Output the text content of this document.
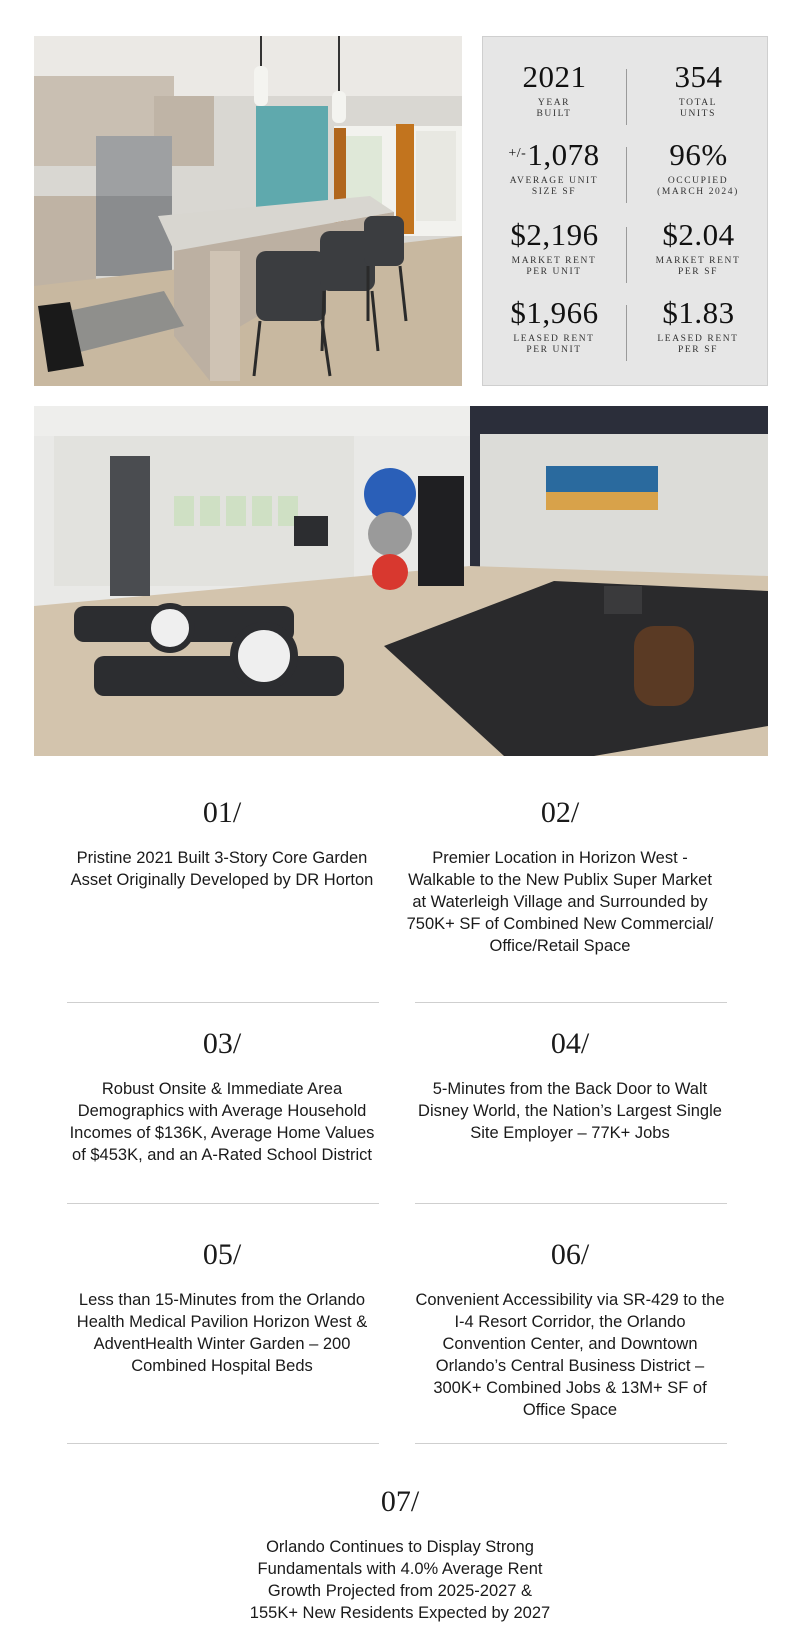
2021
YEAR
BUILT
354
TOTAL
UNITS
+/-1,078
AVERAGE UNIT
SIZE SF
96%
OCCUPIED
(MARCH 2024)
$2,196
MARKET RENT
PER UNIT
$2.04
MARKET RENT
PER SF
$1,966
LEASED RENT
PER UNIT
$1.83
LEASED RENT
PER SF
01/
Pristine 2021 Built 3-Story Core Garden Asset Originally Developed by DR Horton
02/
Premier Location in Horizon West - Walkable to the New Publix Super Market at Waterleigh Village and Surrounded by 750K+ SF of Combined New Commercial/ Office/Retail Space
03/
Robust Onsite & Immediate Area Demographics with Average Household Incomes of $136K, Average Home Values of $453K, and an A-Rated School District
04/
5-Minutes from the Back Door to Walt Disney World, the Nation’s Largest Single Site Employer – 77K+ Jobs
05/
Less than 15-Minutes from the Orlando Health Medical Pavilion Horizon West & AdventHealth Winter Garden – 200 Combined Hospital Beds
06/
Convenient Accessibility via SR-429 to the I-4 Resort Corridor, the Orlando Convention Center, and Downtown Orlando’s Central Business District – 300K+ Combined Jobs & 13M+ SF of Office Space
07/
Orlando Continues to Display Strong Fundamentals with 4.0% Average Rent Growth Projected from 2025-2027 & 155K+ New Residents Expected by 2027
